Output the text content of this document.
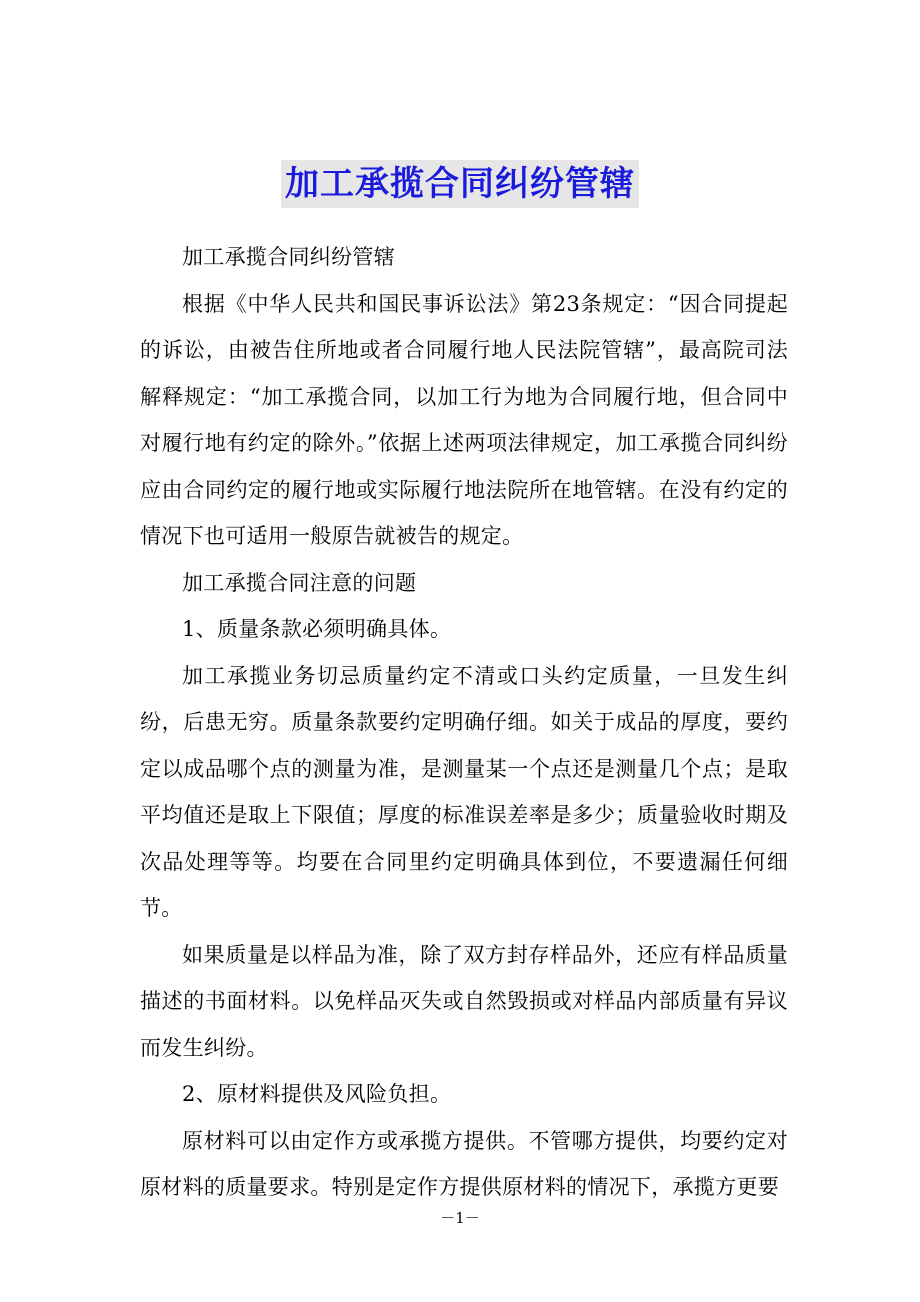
加工承揽合同纠纷管辖

加工承揽合同纠纷管辖

根据《中华人民共和国民事诉讼法》第23条规定：“因合同提起的诉讼，由被告住所地或者合同履行地人民法院管辖”，最高院司法解释规定：“加工承揽合同，以加工行为地为合同履行地，但合同中对履行地有约定的除外。”依据上述两项法律规定，加工承揽合同纠纷应由合同约定的履行地或实际履行地法院所在地管辖。在没有约定的情况下也可适用一般原告就被告的规定。

加工承揽合同注意的问题

1、质量条款必须明确具体。

加工承揽业务切忌质量约定不清或口头约定质量，一旦发生纠纷，后患无穷。质量条款要约定明确仔细。如关于成品的厚度，要约定以成品哪个点的测量为准，是测量某一个点还是测量几个点；是取平均值还是取上下限值；厚度的标准误差率是多少；质量验收时期及次品处理等等。均要在合同里约定明确具体到位，不要遗漏任何细节。

如果质量是以样品为准，除了双方封存样品外，还应有样品质量描述的书面材料。以免样品灭失或自然毁损或对样品内部质量有异议而发生纠纷。

2、原材料提供及风险负担。

原材料可以由定作方或承揽方提供。不管哪方提供，均要约定对原材料的质量要求。特别是定作方提供原材料的情况下，承揽方更要

－1－
